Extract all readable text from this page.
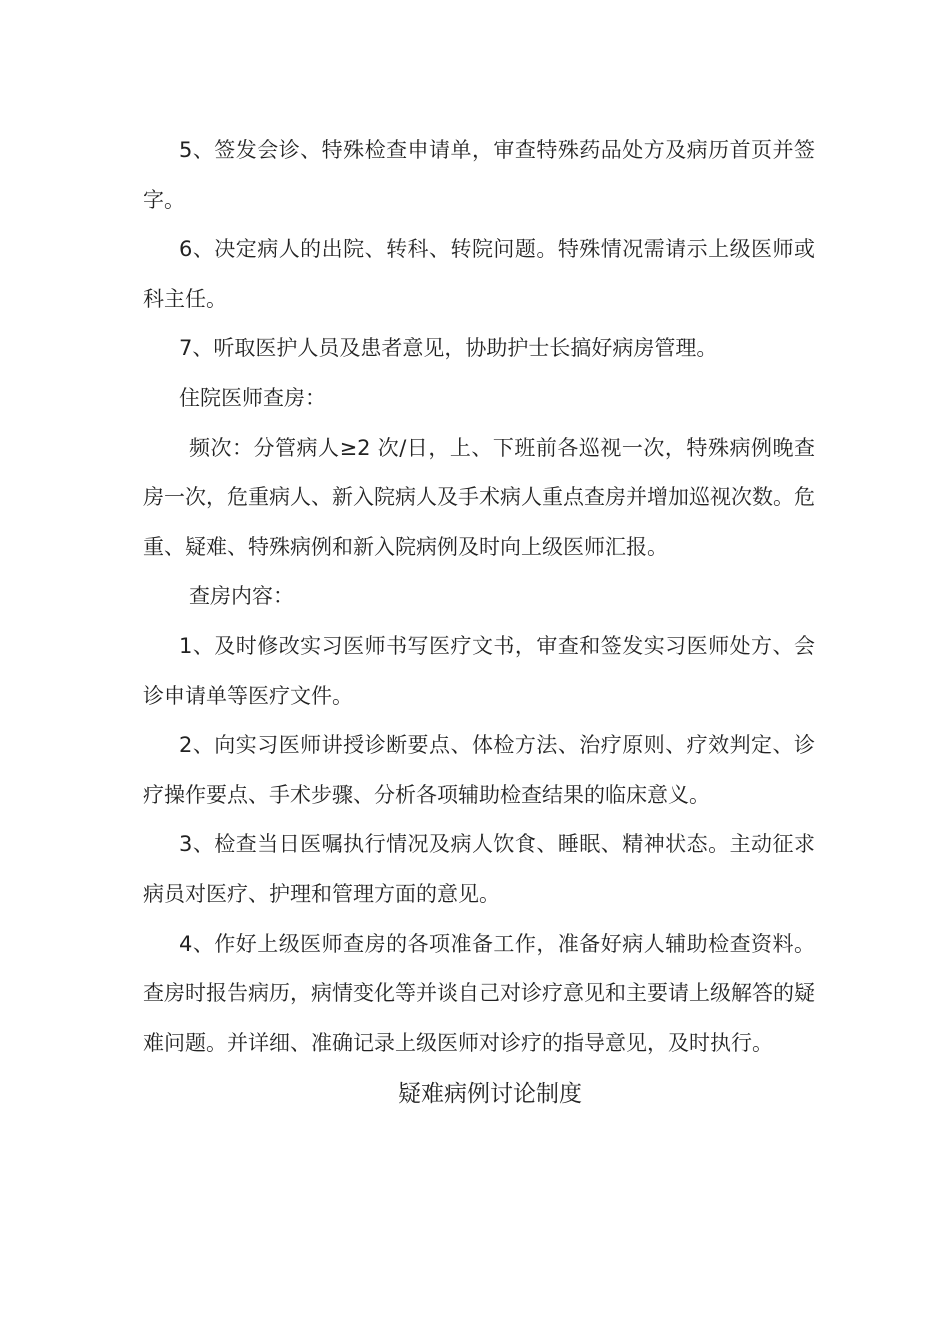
5、签发会诊、特殊检查申请单，审查特殊药品处方及病历首页并签字。

6、决定病人的出院、转科、转院问题。特殊情况需请示上级医师或科主任。

7、听取医护人员及患者意见，协助护士长搞好病房管理。

住院医师查房：

频次：分管病人≥2 次/日，上、下班前各巡视一次，特殊病例晚查房一次，危重病人、新入院病人及手术病人重点查房并增加巡视次数。危重、疑难、特殊病例和新入院病例及时向上级医师汇报。

查房内容：

1、及时修改实习医师书写医疗文书，审查和签发实习医师处方、会诊申请单等医疗文件。

2、向实习医师讲授诊断要点、体检方法、治疗原则、疗效判定、诊疗操作要点、手术步骤、分析各项辅助检查结果的临床意义。

3、检查当日医嘱执行情况及病人饮食、睡眠、精神状态。主动征求病员对医疗、护理和管理方面的意见。

4、作好上级医师查房的各项准备工作，准备好病人辅助检查资料。查房时报告病历，病情变化等并谈自己对诊疗意见和主要请上级解答的疑难问题。并详细、准确记录上级医师对诊疗的指导意见，及时执行。

疑难病例讨论制度
